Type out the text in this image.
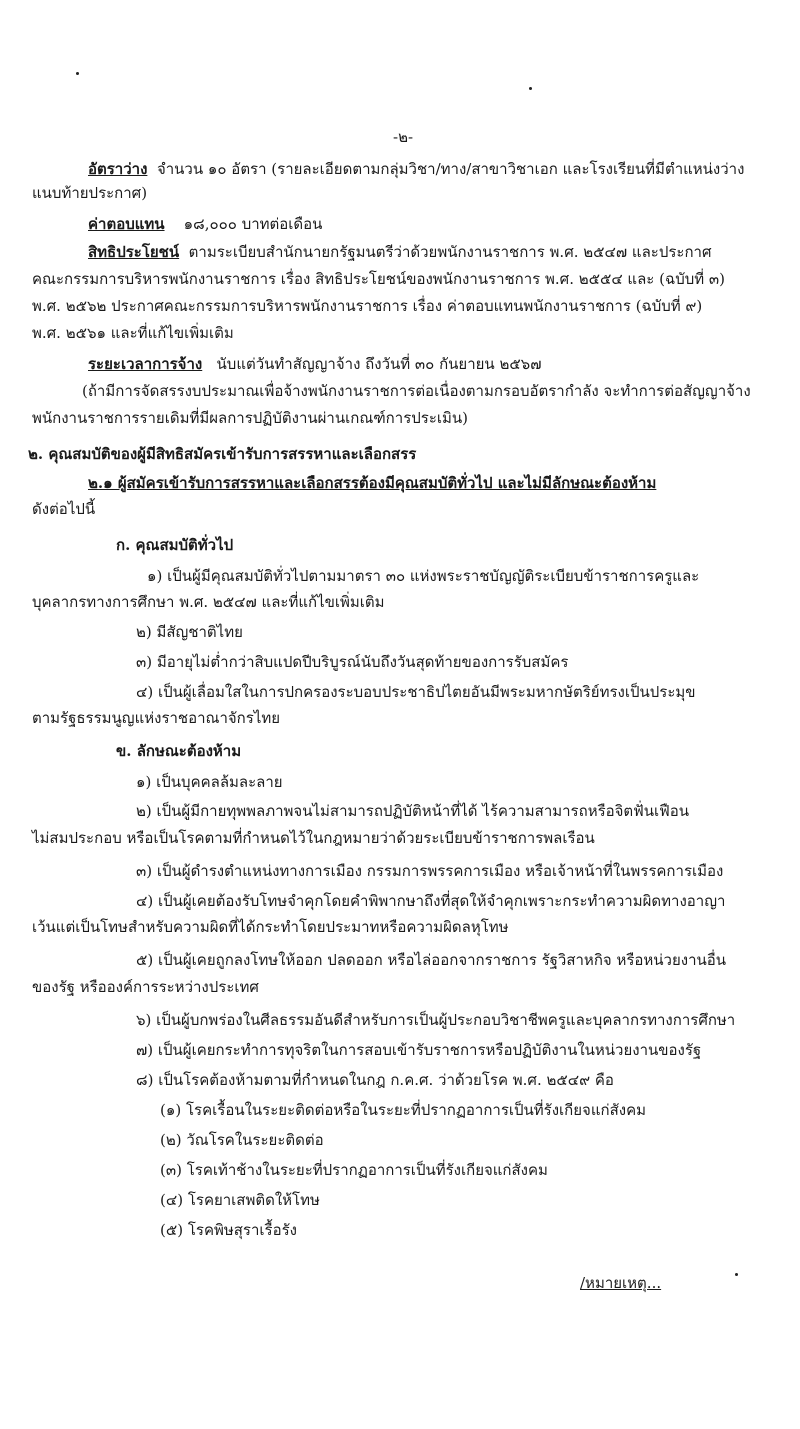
-๒-
อัตราว่าง จำนวน ๑๐ อัตรา (รายละเอียดตามกลุ่มวิชา/ทาง/สาขาวิชาเอก และโรงเรียนที่มีตำแหน่งว่าง
แนบท้ายประกาศ)
ค่าตอบแทน ๑๘,๐๐๐ บาทต่อเดือน
สิทธิประโยชน์ ตามระเบียบสำนักนายกรัฐมนตรีว่าด้วยพนักงานราชการ พ.ศ. ๒๕๔๗ และประกาศ
คณะกรรมการบริหารพนักงานราชการ เรื่อง สิทธิประโยชน์ของพนักงานราชการ พ.ศ. ๒๕๕๔ และ (ฉบับที่ ๓)
พ.ศ. ๒๕๖๒ ประกาศคณะกรรมการบริหารพนักงานราชการ เรื่อง ค่าตอบแทนพนักงานราชการ (ฉบับที่ ๙)
พ.ศ. ๒๕๖๑ และที่แก้ไขเพิ่มเติม
ระยะเวลาการจ้าง นับแต่วันทำสัญญาจ้าง ถึงวันที่ ๓๐ กันยายน ๒๕๖๗
(ถ้ามีการจัดสรรงบประมาณเพื่อจ้างพนักงานราชการต่อเนื่องตามกรอบอัตรากำลัง จะทำการต่อสัญญาจ้าง
พนักงานราชการรายเดิมที่มีผลการปฏิบัติงานผ่านเกณฑ์การประเมิน)
๒. คุณสมบัติของผู้มีสิทธิสมัครเข้ารับการสรรหาและเลือกสรร
๒.๑ ผู้สมัครเข้ารับการสรรหาและเลือกสรรต้องมีคุณสมบัติทั่วไป และไม่มีลักษณะต้องห้าม
ดังต่อไปนี้
ก. คุณสมบัติทั่วไป
๑) เป็นผู้มีคุณสมบัติทั่วไปตามมาตรา ๓๐ แห่งพระราชบัญญัติระเบียบข้าราชการครูและ
บุคลากรทางการศึกษา พ.ศ. ๒๕๔๗ และที่แก้ไขเพิ่มเติม
๒) มีสัญชาติไทย
๓) มีอายุไม่ต่ำกว่าสิบแปดปีบริบูรณ์นับถึงวันสุดท้ายของการรับสมัคร
๔) เป็นผู้เลื่อมใสในการปกครองระบอบประชาธิปไตยอันมีพระมหากษัตริย์ทรงเป็นประมุข
ตามรัฐธรรมนูญแห่งราชอาณาจักรไทย
ข. ลักษณะต้องห้าม
๑) เป็นบุคคลล้มละลาย
๒) เป็นผู้มีกายทุพพลภาพจนไม่สามารถปฏิบัติหน้าที่ได้ ไร้ความสามารถหรือจิตฟั่นเฟือน
ไม่สมประกอบ หรือเป็นโรคตามที่กำหนดไว้ในกฎหมายว่าด้วยระเบียบข้าราชการพลเรือน
๓) เป็นผู้ดำรงตำแหน่งทางการเมือง กรรมการพรรคการเมือง หรือเจ้าหน้าที่ในพรรคการเมือง
๔) เป็นผู้เคยต้องรับโทษจำคุกโดยคำพิพากษาถึงที่สุดให้จำคุกเพราะกระทำความผิดทางอาญา
เว้นแต่เป็นโทษสำหรับความผิดที่ได้กระทำโดยประมาทหรือความผิดลหุโทษ
๕) เป็นผู้เคยถูกลงโทษให้ออก ปลดออก หรือไล่ออกจากราชการ รัฐวิสาหกิจ หรือหน่วยงานอื่น
ของรัฐ หรือองค์การระหว่างประเทศ
๖) เป็นผู้บกพร่องในศีลธรรมอันดีสำหรับการเป็นผู้ประกอบวิชาชีพครูและบุคลากรทางการศึกษา
๗) เป็นผู้เคยกระทำการทุจริตในการสอบเข้ารับราชการหรือปฏิบัติงานในหน่วยงานของรัฐ
๘) เป็นโรคต้องห้ามตามที่กำหนดในกฎ ก.ค.ศ. ว่าด้วยโรค พ.ศ. ๒๕๔๙ คือ
(๑) โรคเรื้อนในระยะติดต่อหรือในระยะที่ปรากฏอาการเป็นที่รังเกียจแก่สังคม
(๒) วัณโรคในระยะติดต่อ
(๓) โรคเท้าช้างในระยะที่ปรากฏอาการเป็นที่รังเกียจแก่สังคม
(๔) โรคยาเสพติดให้โทษ
(๕) โรคพิษสุราเรื้อรัง
/หมายเหตุ...
